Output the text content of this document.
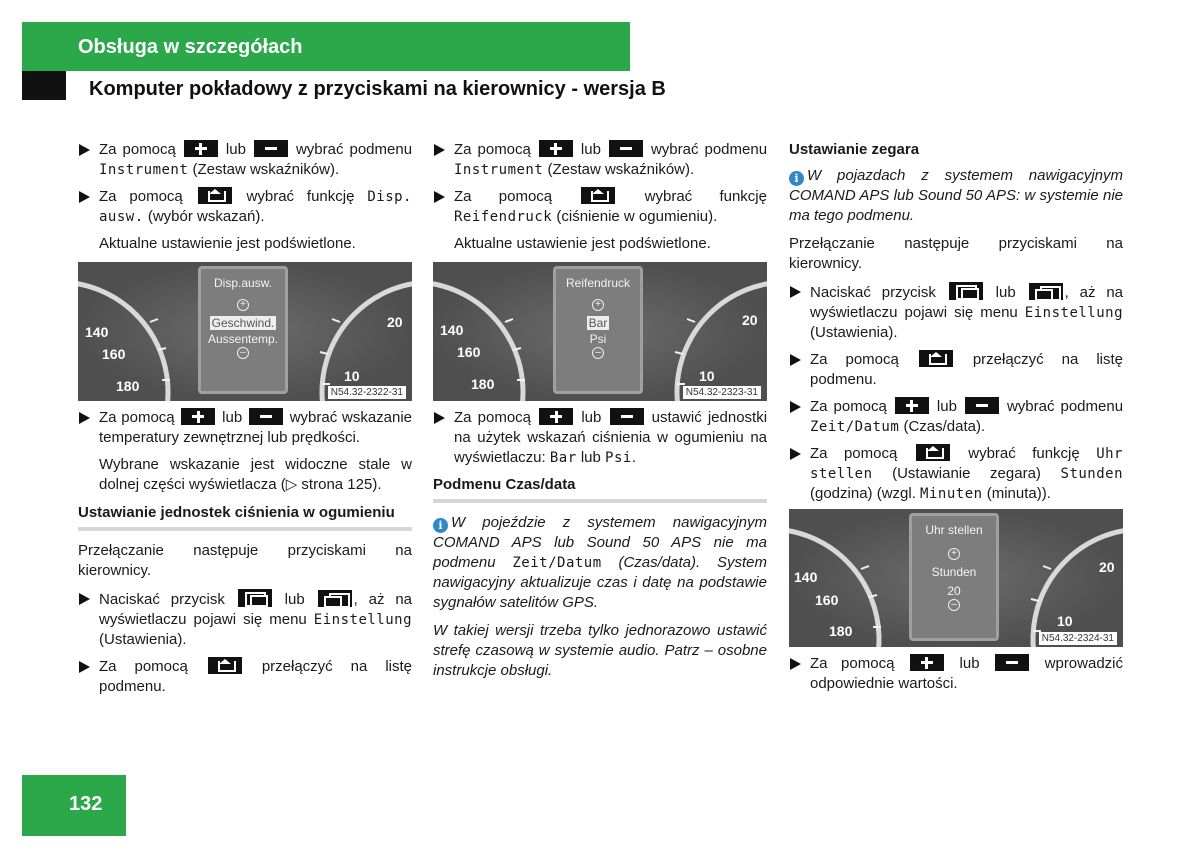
Obsługa w szczegółach
Komputer pokładowy z przyciskami na kierownicy - wersja B
Za pomocą	lub	wybrać podmenu Instrument (Zestaw wskaźników).
Za pomocą	wybrać funkcję Disp. ausw. (wybór wskazań).
Aktualne ustawienie jest podświetlone.
140
160
180
20
10
Disp.ausw.
+
Geschwind.
Aussentemp.
–
N54.32-2322-31
Za pomocą	lub	wybrać wskazanie temperatury zewnętrznej lub prędkości.
Wybrane wskazanie jest widoczne stale w dolnej części wyświetlacza (▷ strona 125).
Ustawianie jednostek ciśnienia w ogumieniu
Przełączanie następuje przyciskami na kierownicy.
Naciskać przycisk	lub	, aż na wyświetlaczu pojawi się menu Einstellung (Ustawienia).
Za pomocą	przełączyć na listę podmenu.
Za pomocą	lub	wybrać podmenu Instrument (Zestaw wskaźników).
Za pomocą	wybrać funkcję Reifendruck (ciśnienie w ogumieniu).
Aktualne ustawienie jest podświetlone.
140
160
180
20
10
Reifendruck
+
Bar
Psi
–
N54.32-2323-31
Za pomocą	lub	ustawić jednostki na użytek wskazań ciśnienia w ogumieniu na wyświetlaczu: Bar lub Psi.
Podmenu Czas/data
i W pojeździe z systemem nawigacyjnym COMAND APS lub Sound 50 APS nie ma podmenu Zeit/Datum (Czas/data). System nawigacyjny aktualizuje czas i datę na podstawie sygnałów satelitów GPS.
W takiej wersji trzeba tylko jednorazowo ustawić strefę czasową w systemie audio. Patrz – osobne instrukcje obsługi.
Ustawianie zegara
i W pojazdach z systemem nawigacyjnym COMAND APS lub Sound 50 APS: w systemie nie ma tego podmenu.
Przełączanie następuje przyciskami na kierownicy.
Naciskać przycisk	lub	, aż na wyświetlaczu pojawi się menu Einstellung (Ustawienia).
Za pomocą	przełączyć na listę podmenu.
Za pomocą	lub	wybrać podmenu Zeit/Datum (Czas/data).
Za pomocą	wybrać funkcję Uhr stellen (Ustawianie zegara) Stunden (godzina) (wzgl. Minuten (minuta)).
140
160
180
20
10
Uhr stellen
+
Stunden
20
–
N54.32-2324-31
Za pomocą	lub	wprowadzić odpowiednie wartości.
132
